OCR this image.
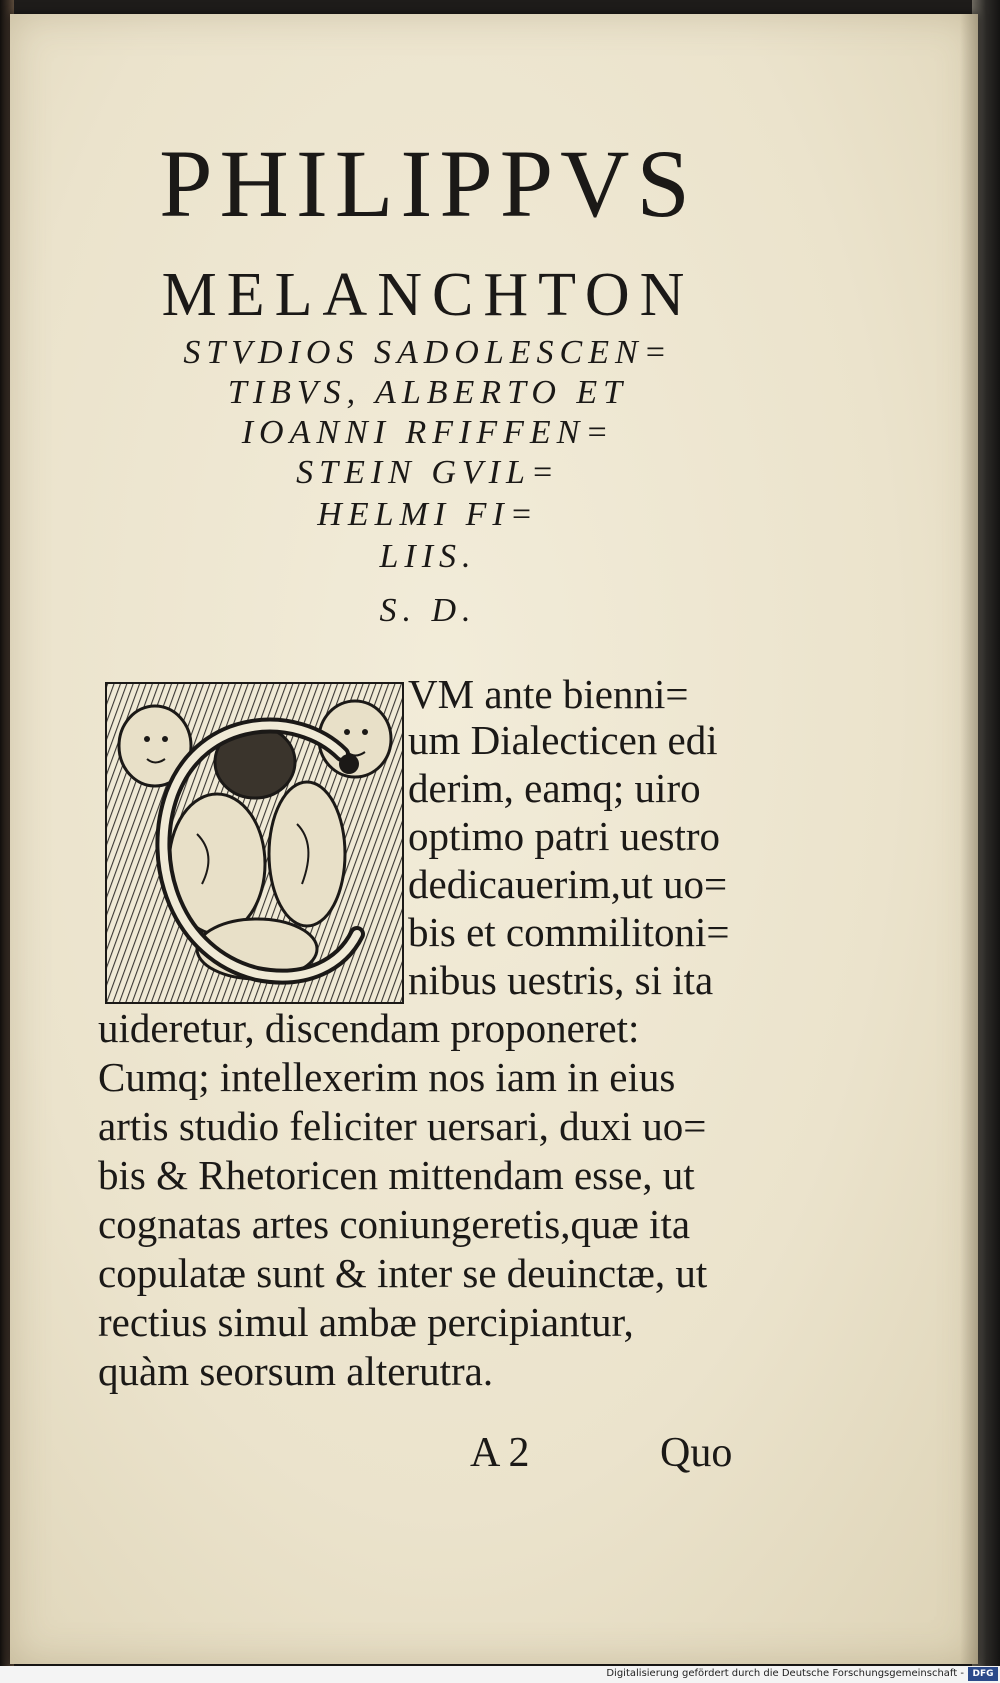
PHILIPPVS
MELANCHTON
STVDIOS SADOLESCEN=
TIBVS, ALBERTO ET
IOANNI RFIFFEN=
STEIN GVIL=
HELMI FI=
LIIS.
S. D.
VM ante bienni=
um Dialecticen edi
derim, eamq; uiro
optimo patri uestro
dedicauerim,ut uo=
bis et commilitoni=
nibus uestris, si ita
uideretur, discendam proponeret:
Cumq; intellexerim nos iam in eius
artis studio feliciter uersari, duxi uo=
bis & Rhetoricen mittendam esse, ut
cognatas artes coniungeretis,quæ ita
copulatæ sunt & inter se deuinctæ, ut
rectius simul ambæ percipiantur,
quàm seorsum alterutra.
A 2	Quo
Digitalisierung gefördert durch die Deutsche Forschungsgemeinschaft - DFG
